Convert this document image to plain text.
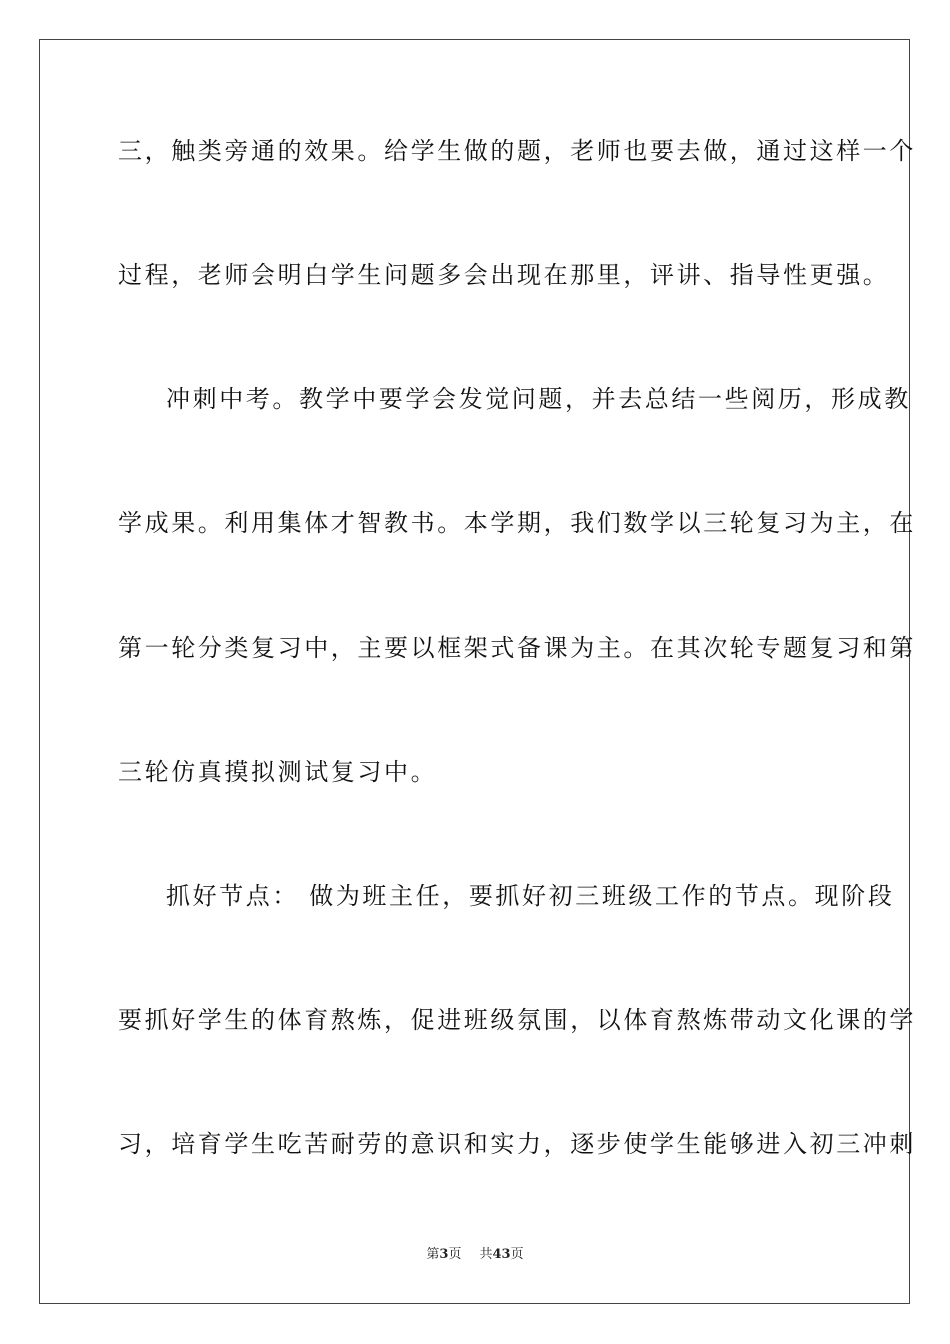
三，触类旁通的效果。给学生做的题，老师也要去做，通过这样一个
过程，老师会明白学生问题多会出现在那里，评讲、指导性更强。
冲刺中考。教学中要学会发觉问题，并去总结一些阅历，形成教
学成果。利用集体才智教书。本学期，我们数学以三轮复习为主，在
第一轮分类复习中，主要以框架式备课为主。在其次轮专题复习和第
三轮仿真摸拟测试复习中。
抓好节点： 做为班主任，要抓好初三班级工作的节点。现阶段
要抓好学生的体育熬炼，促进班级氛围，以体育熬炼带动文化课的学
习，培育学生吃苦耐劳的意识和实力，逐步使学生能够进入初三冲刺
第3页 共43页
